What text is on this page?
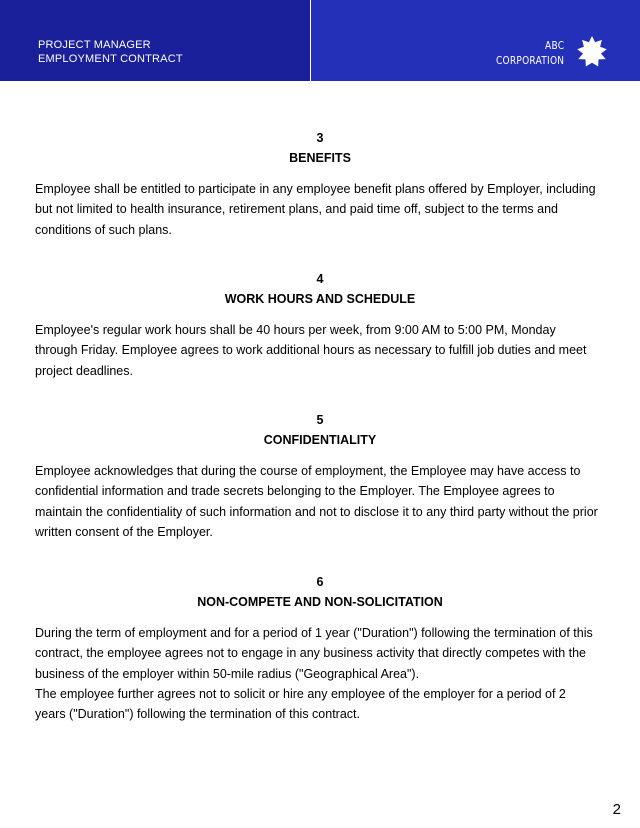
PROJECT MANAGER
EMPLOYMENT CONTRACT
ABC
CORPORATION
3
BENEFITS
Employee shall be entitled to participate in any employee benefit plans offered by Employer, including
but not limited to health insurance, retirement plans, and paid time off, subject to the terms and
conditions of such plans.
4
WORK HOURS AND SCHEDULE
Employee's regular work hours shall be 40 hours per week, from 9:00 AM to 5:00 PM, Monday
through Friday. Employee agrees to work additional hours as necessary to fulfill job duties and meet
project deadlines.
5
CONFIDENTIALITY
Employee acknowledges that during the course of employment, the Employee may have access to
confidential information and trade secrets belonging to the Employer. The Employee agrees to
maintain the confidentiality of such information and not to disclose it to any third party without the prior
written consent of the Employer.
6
NON-COMPETE AND NON-SOLICITATION
During the term of employment and for a period of 1 year ("Duration") following the termination of this
contract, the employee agrees not to engage in any business activity that directly competes with the
business of the employer within 50-mile radius ("Geographical Area").
The employee further agrees not to solicit or hire any employee of the employer for a period of 2
years ("Duration") following the termination of this contract.
2
